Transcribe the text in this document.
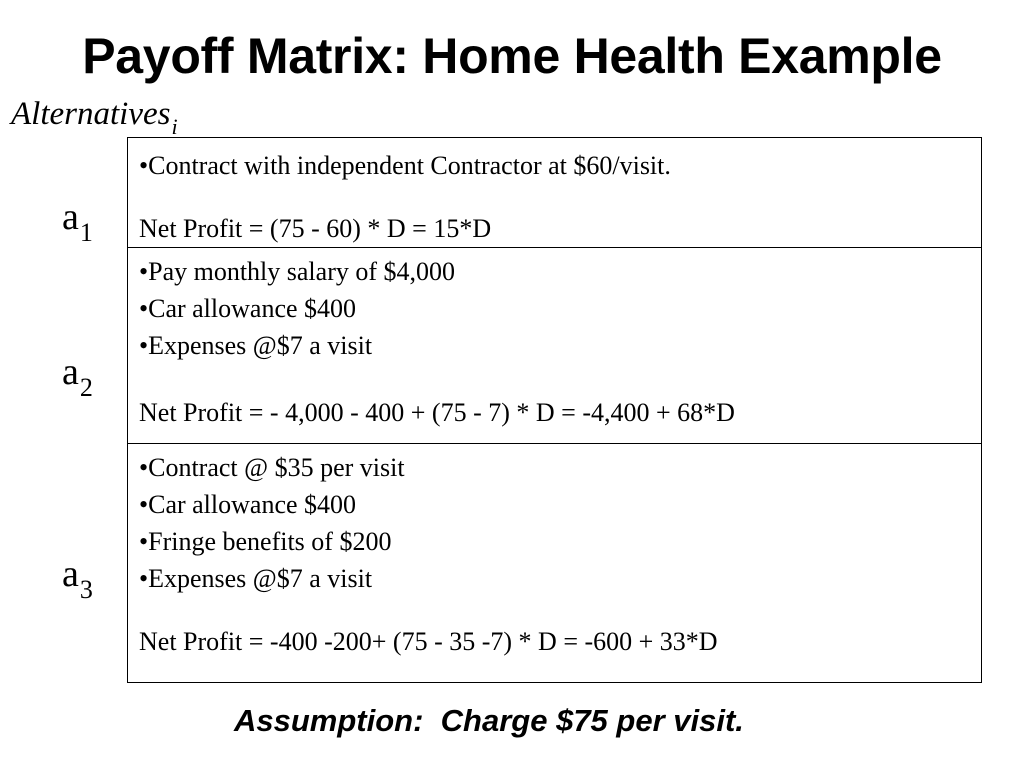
Payoff Matrix: Home Health Example
Alternatives$_i$
$a_1$
$a_2$
$a_3$
•Contract with independent Contractor at $60/visit.
Net Profit = (75 - 60) * D = 15*D
•Pay monthly salary of $4,000
•Car allowance $400
•Expenses @$7 a visit
Net Profit = - 4,000 - 400 + (75 - 7) * D = -4,400 + 68*D
•Contract @ $35 per visit
•Car allowance $400
•Fringe benefits of $200
•Expenses @$7 a visit
Net Profit = -400 -200+ (75 - 35 -7) * D = -600 + 33*D
Assumption:  Charge $75 per visit.
